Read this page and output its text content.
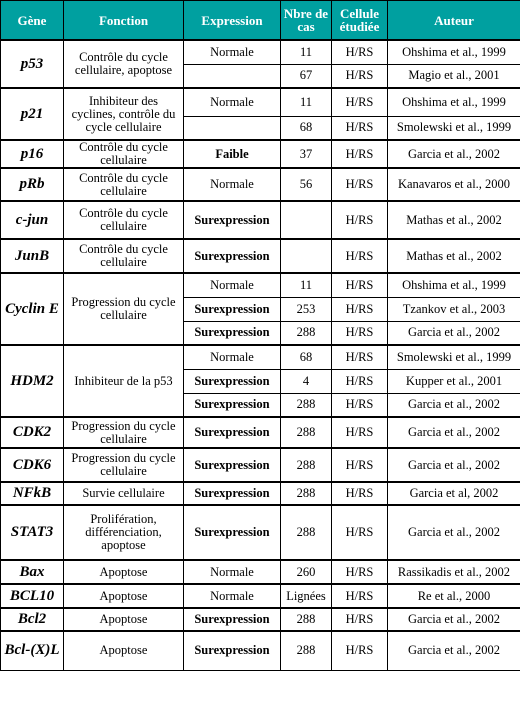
Gène	Fonction	Expression	Nbre de cas	Cellule étudiée	Auteur
p53	Contrôle du cycle cellulaire, apoptose	Normale	11	H/RS	Ohshima et al., 1999
			67	H/RS	Magio et al., 2001
p21	Inhibiteur des cyclines, contrôle du cycle cellulaire	Normale	11	H/RS	Ohshima et al., 1999
			68	H/RS	Smolewski et al., 1999
p16	Contrôle du cycle cellulaire	Faible	37	H/RS	Garcia et al., 2002
pRb	Contrôle du cycle cellulaire	Normale	56	H/RS	Kanavaros et al., 2000
c-jun	Contrôle du cycle cellulaire	Surexpression		H/RS	Mathas et al., 2002
JunB	Contrôle du cycle cellulaire	Surexpression		H/RS	Mathas et al., 2002
Cyclin E	Progression du cycle cellulaire	Normale	11	H/RS	Ohshima et al., 1999
		Surexpression	253	H/RS	Tzankov et al., 2003
		Surexpression	288	H/RS	Garcia et al., 2002
HDM2	Inhibiteur de la p53	Normale	68	H/RS	Smolewski et al., 1999
		Surexpression	4	H/RS	Kupper et al., 2001
		Surexpression	288	H/RS	Garcia et al., 2002
CDK2	Progression du cycle cellulaire	Surexpression	288	H/RS	Garcia et al., 2002
CDK6	Progression du cycle cellulaire	Surexpression	288	H/RS	Garcia et al., 2002
NFkB	Survie cellulaire	Surexpression	288	H/RS	Garcia et al, 2002
STAT3	Prolifération, différenciation, apoptose	Surexpression	288	H/RS	Garcia et al., 2002
Bax	Apoptose	Normale	260	H/RS	Rassikadis et al., 2002
BCL10	Apoptose	Normale	Lignées	H/RS	Re et al., 2000
Bcl2	Apoptose	Surexpression	288	H/RS	Garcia et al., 2002
Bcl-(X)L	Apoptose	Surexpression	288	H/RS	Garcia et al., 2002
